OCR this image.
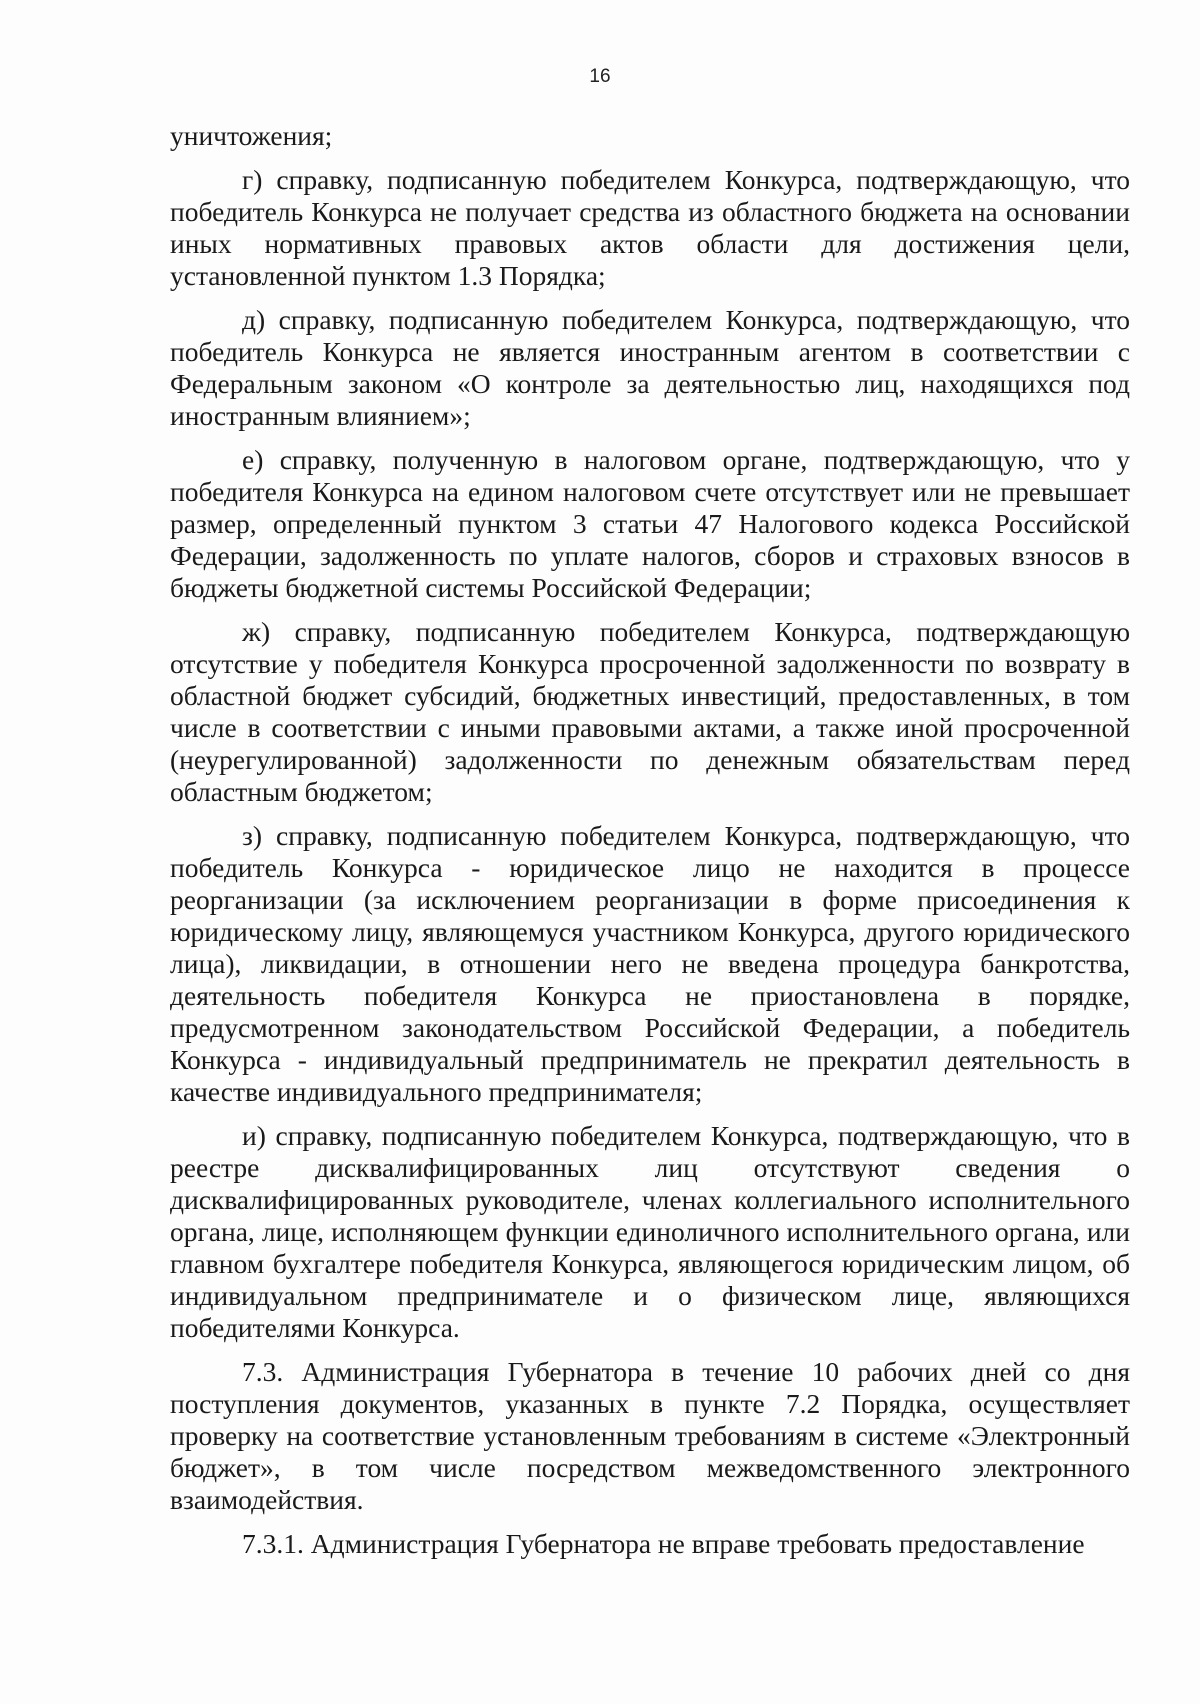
16

уничтожения;

г) справку, подписанную победителем Конкурса, подтверждающую, что победитель Конкурса не получает средства из областного бюджета на основании иных нормативных правовых актов области для достижения цели, установленной пунктом 1.3 Порядка;

д) справку, подписанную победителем Конкурса, подтверждающую, что победитель Конкурса не является иностранным агентом в соответствии с Федеральным законом «О контроле за деятельностью лиц, находящихся под иностранным влиянием»;

е) справку, полученную в налоговом органе, подтверждающую, что у победителя Конкурса на едином налоговом счете отсутствует или не превышает размер, определенный пунктом 3 статьи 47 Налогового кодекса Российской Федерации, задолженность по уплате налогов, сборов и страховых взносов в бюджеты бюджетной системы Российской Федерации;

ж) справку, подписанную победителем Конкурса, подтверждающую отсутствие у победителя Конкурса просроченной задолженности по возврату в областной бюджет субсидий, бюджетных инвестиций, предоставленных, в том числе в соответствии с иными правовыми актами, а также иной просроченной (неурегулированной) задолженности по денежным обязательствам перед областным бюджетом;

з) справку, подписанную победителем Конкурса, подтверждающую, что победитель Конкурса - юридическое лицо не находится в процессе реорганизации (за исключением реорганизации в форме присоединения к юридическому лицу, являющемуся участником Конкурса, другого юридического лица), ликвидации, в отношении него не введена процедура банкротства, деятельность победителя Конкурса не приостановлена в порядке, предусмотренном законодательством Российской Федерации, а победитель Конкурса - индивидуальный предприниматель не прекратил деятельность в качестве индивидуального предпринимателя;

и) справку, подписанную победителем Конкурса, подтверждающую, что в реестре дисквалифицированных лиц отсутствуют сведения о дисквалифицированных руководителе, членах коллегиального исполнительного органа, лице, исполняющем функции единоличного исполнительного органа, или главном бухгалтере победителя Конкурса, являющегося юридическим лицом, об индивидуальном предпринимателе и о физическом лице, являющихся победителями Конкурса.

7.3. Администрация Губернатора в течение 10 рабочих дней со дня поступления документов, указанных в пункте 7.2 Порядка, осуществляет проверку на соответствие установленным требованиям в системе «Электронный бюджет», в том числе посредством межведомственного электронного взаимодействия.

7.3.1. Администрация Губернатора не вправе требовать предоставление
